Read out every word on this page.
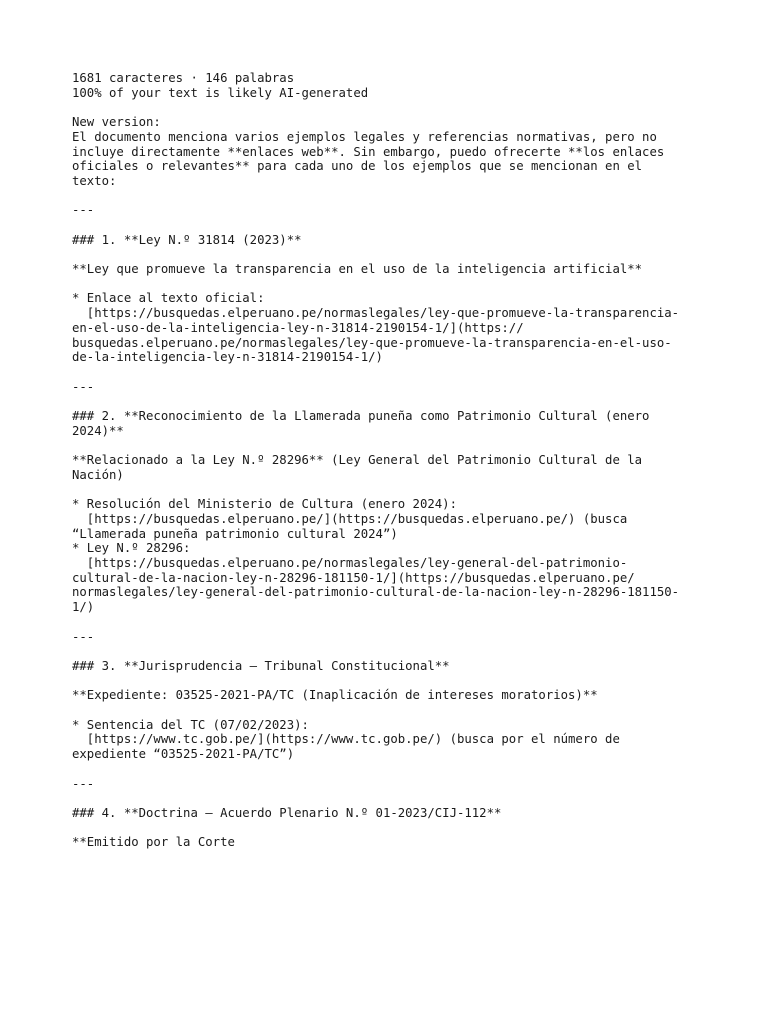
1681 caracteres · 146 palabras
100% of your text is likely AI-generated
New version:
El documento menciona varios ejemplos legales y referencias normativas, pero no
incluye directamente **enlaces web**. Sin embargo, puedo ofrecerte **los enlaces
oficiales o relevantes** para cada uno de los ejemplos que se mencionan en el
texto:
---
### 1. **Ley N.º 31814 (2023)**
**Ley que promueve la transparencia en el uso de la inteligencia artificial**
* Enlace al texto oficial:
[https://busquedas.elperuano.pe/normaslegales/ley-que-promueve-la-transparencia-
en-el-uso-de-la-inteligencia-ley-n-31814-2190154-1/](https://
busquedas.elperuano.pe/normaslegales/ley-que-promueve-la-transparencia-en-el-uso-
de-la-inteligencia-ley-n-31814-2190154-1/)
---
### 2. **Reconocimiento de la Llamerada puneña como Patrimonio Cultural (enero
2024)**
**Relacionado a la Ley N.º 28296** (Ley General del Patrimonio Cultural de la
Nación)
* Resolución del Ministerio de Cultura (enero 2024):
[https://busquedas.elperuano.pe/](https://busquedas.elperuano.pe/) (busca
“Llamerada puneña patrimonio cultural 2024”)
* Ley N.º 28296:
[https://busquedas.elperuano.pe/normaslegales/ley-general-del-patrimonio-
cultural-de-la-nacion-ley-n-28296-181150-1/](https://busquedas.elperuano.pe/
normaslegales/ley-general-del-patrimonio-cultural-de-la-nacion-ley-n-28296-181150-
1/)
---
### 3. **Jurisprudencia – Tribunal Constitucional**
**Expediente: 03525-2021-PA/TC (Inaplicación de intereses moratorios)**
* Sentencia del TC (07/02/2023):
[https://www.tc.gob.pe/](https://www.tc.gob.pe/) (busca por el número de
expediente “03525-2021-PA/TC”)
---
### 4. **Doctrina – Acuerdo Plenario N.º 01-2023/CIJ-112**
**Emitido por la Corte
